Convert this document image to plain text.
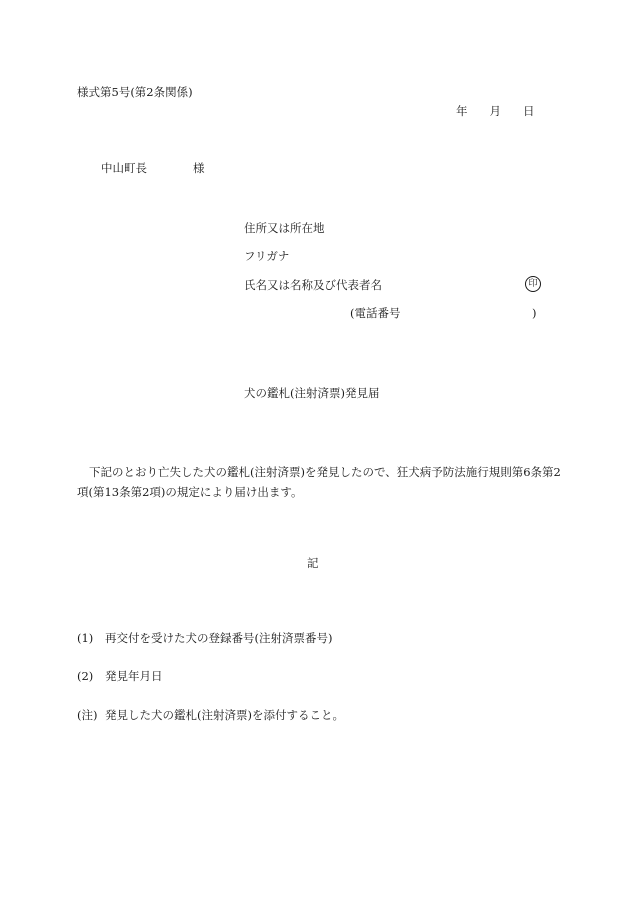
様式第5号(第2条関係)
年 月 日
中山町長	様
住所又は所在地
フリガナ
氏名又は名称及び代表者名	印
(電話番号	)
犬の鑑札(注射済票)発見届
下記のとおり亡失した犬の鑑札(注射済票)を発見したので、狂犬病予防法施行規則第6条第2項(第13条第2項)の規定により届け出ます。
記
(1) 再交付を受けた犬の登録番号(注射済票番号)
(2) 発見年月日
(注) 発見した犬の鑑札(注射済票)を添付すること。
